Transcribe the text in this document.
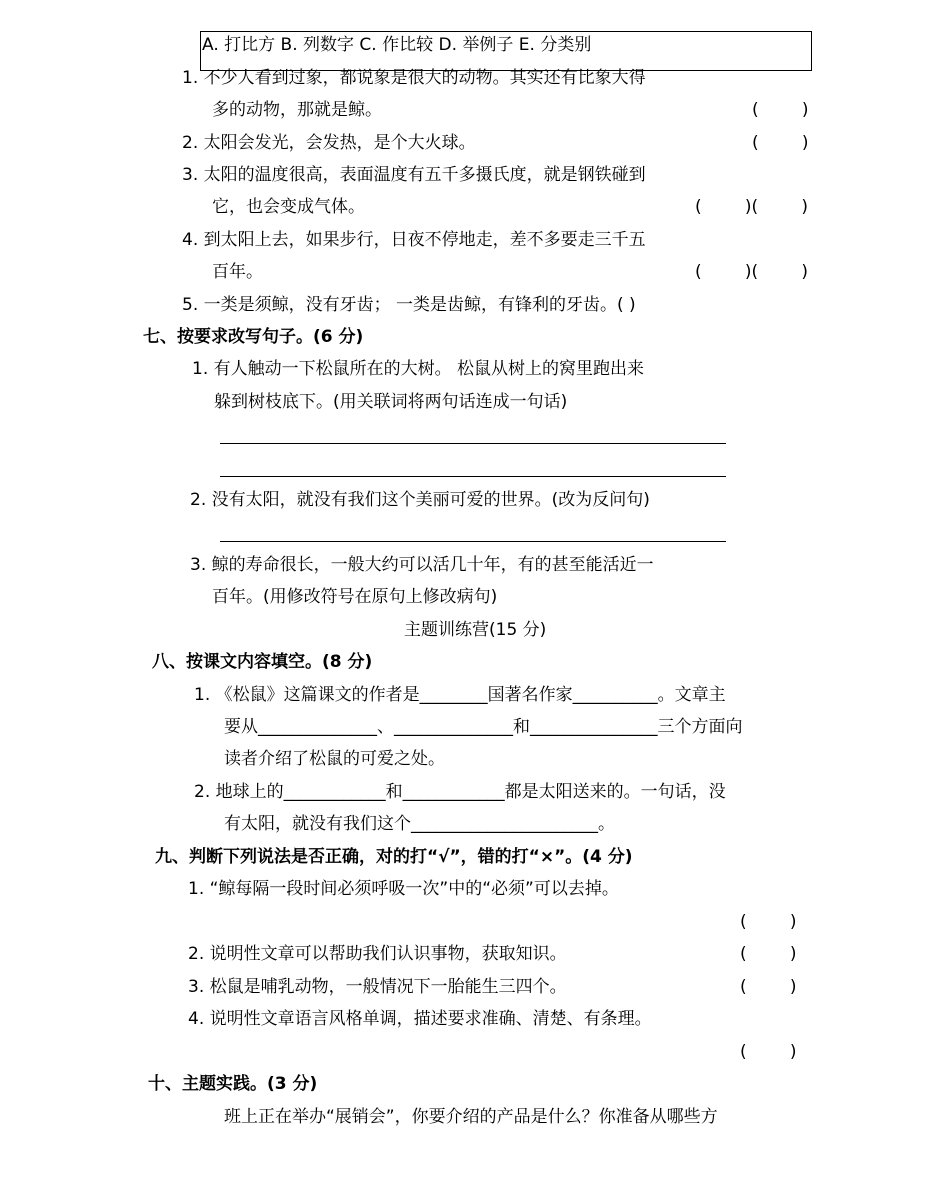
A. 打比方 B. 列数字 C. 作比较 D. 举例子 E. 分类别
1. 不少人看到过象，都说象是很大的动物。其实还有比象大得
多的动物，那就是鲸。	(        )
2. 太阳会发光，会发热，是个大火球。	(        )
3. 太阳的温度很高，表面温度有五千多摄氏度，就是钢铁碰到
它，也会变成气体。	(        )(        )
4. 到太阳上去，如果步行，日夜不停地走，差不多要走三千五
百年。	(        )(        )
5. 一类是须鲸，没有牙齿； 一类是齿鲸，有锋利的牙齿。( )
七、按要求改写句子。(6 分)
1. 有人触动一下松鼠所在的大树。 松鼠从树上的窝里跑出来
躲到树枝底下。(用关联词将两句话连成一句话)
2. 没有太阳，就没有我们这个美丽可爱的世界。(改为反问句)
3. 鲸的寿命很长，一般大约可以活几十年，有的甚至能活近一
百年。(用修改符号在原句上修改病句)
主题训练营(15 分)
八、按课文内容填空。(8 分)
1. 《松鼠》这篇课文的作者是________国著名作家__________。文章主
要从______________、______________和_______________三个方面向
读者介绍了松鼠的可爱之处。
2. 地球上的____________和____________都是太阳送来的。一句话，没
有太阳，就没有我们这个______________________。
九、判断下列说法是否正确，对的打“√”，错的打“×”。(4 分)
1. “鲸每隔一段时间必须呼吸一次”中的“必须”可以去掉。
(        )
2. 说明性文章可以帮助我们认识事物，获取知识。	(        )
3. 松鼠是哺乳动物，一般情况下一胎能生三四个。	(        )
4. 说明性文章语言风格单调，描述要求准确、清楚、有条理。
(        )
十、主题实践。(3 分)
班上正在举办“展销会”，你要介绍的产品是什么？你准备从哪些方
